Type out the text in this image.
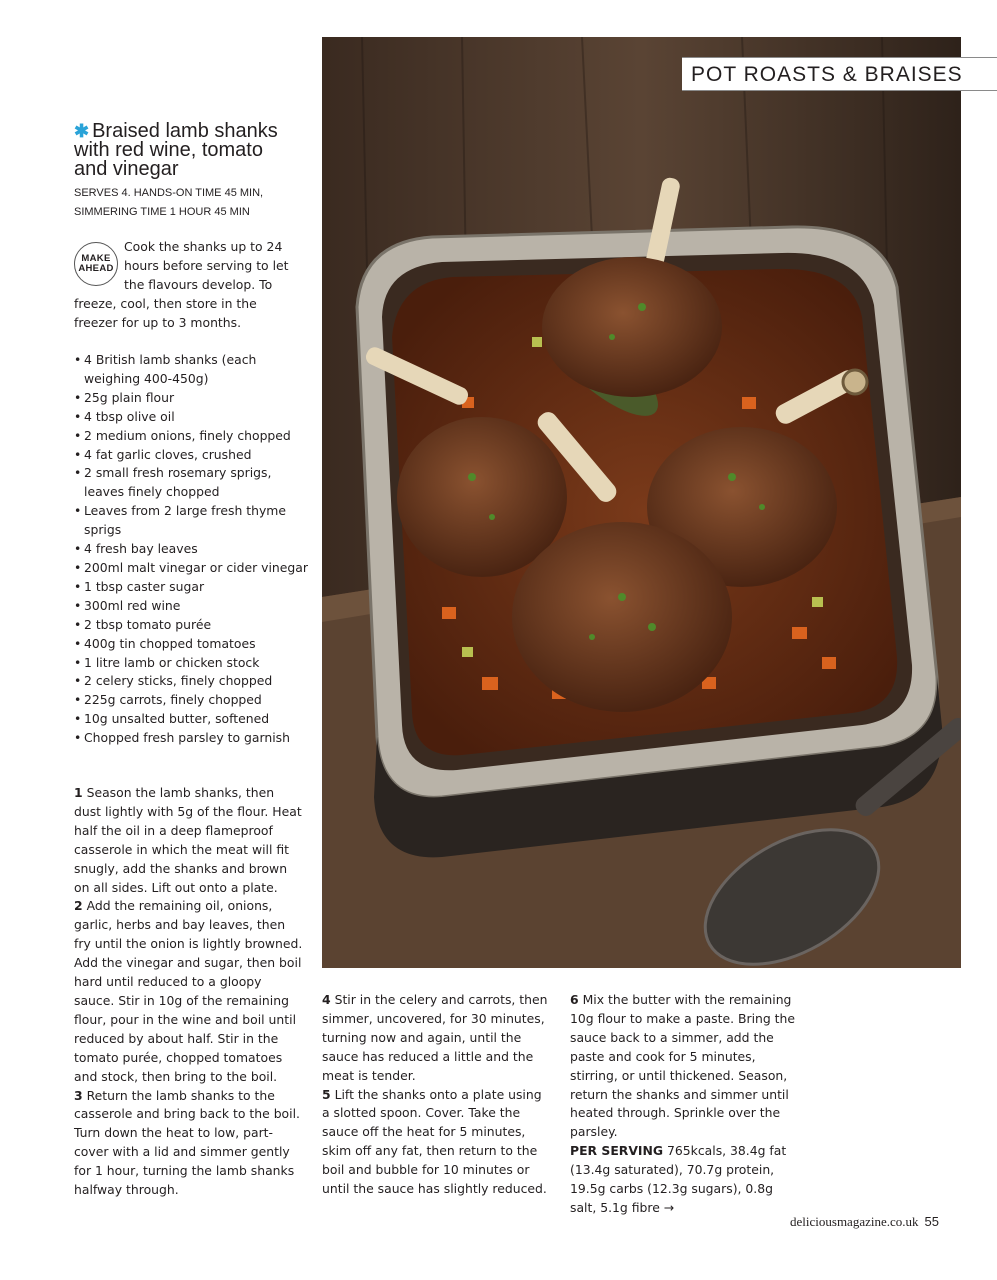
POT ROASTS & BRAISES
✱ Braised lamb shanks
with red wine, tomato
and vinegar
SERVES 4. HANDS-ON TIME 45 MIN,
SIMMERING TIME 1 HOUR 45 MIN
MAKE
AHEAD
Cook the shanks up to 24 hours before serving to let the flavours develop. To freeze, cool, then store in the freezer for up to 3 months.
• 4 British lamb shanks (each weighing 400-450g)
• 25g plain flour
• 4 tbsp olive oil
• 2 medium onions, finely chopped
• 4 fat garlic cloves, crushed
• 2 small fresh rosemary sprigs, leaves finely chopped
• Leaves from 2 large fresh thyme sprigs
• 4 fresh bay leaves
• 200ml malt vinegar or cider vinegar
• 1 tbsp caster sugar
• 300ml red wine
• 2 tbsp tomato purée
• 400g tin chopped tomatoes
• 1 litre lamb or chicken stock
• 2 celery sticks, finely chopped
• 225g carrots, finely chopped
• 10g unsalted butter, softened
• Chopped fresh parsley to garnish

1 Season the lamb shanks, then dust lightly with 5g of the flour. Heat half the oil in a deep flameproof casserole in which the meat will fit snugly, add the shanks and brown on all sides. Lift out onto a plate.

2 Add the remaining oil, onions, garlic, herbs and bay leaves, then fry until the onion is lightly browned. Add the vinegar and sugar, then boil hard until reduced to a gloopy sauce. Stir in 10g of the remaining flour, pour in the wine and boil until reduced by about half. Stir in the tomato purée, chopped tomatoes and stock, then bring to the boil.

3 Return the lamb shanks to the casserole and bring back to the boil. Turn down the heat to low, part-cover with a lid and simmer gently for 1 hour, turning the lamb shanks halfway through.

4 Stir in the celery and carrots, then simmer, uncovered, for 30 minutes, turning now and again, until the sauce has reduced a little and the meat is tender.

5 Lift the shanks onto a plate using a slotted spoon. Cover. Take the sauce off the heat for 5 minutes, skim off any fat, then return to the boil and bubble for 10 minutes or until the sauce has slightly reduced.

6 Mix the butter with the remaining 10g flour to make a paste. Bring the sauce back to a simmer, add the paste and cook for 5 minutes, stirring, or until thickened. Season, return the shanks and simmer until heated through. Sprinkle over the parsley.

PER SERVING 765kcals, 38.4g fat (13.4g saturated), 70.7g protein, 19.5g carbs (12.3g sugars), 0.8g salt, 5.1g fibre →

deliciousmagazine.co.uk 55
